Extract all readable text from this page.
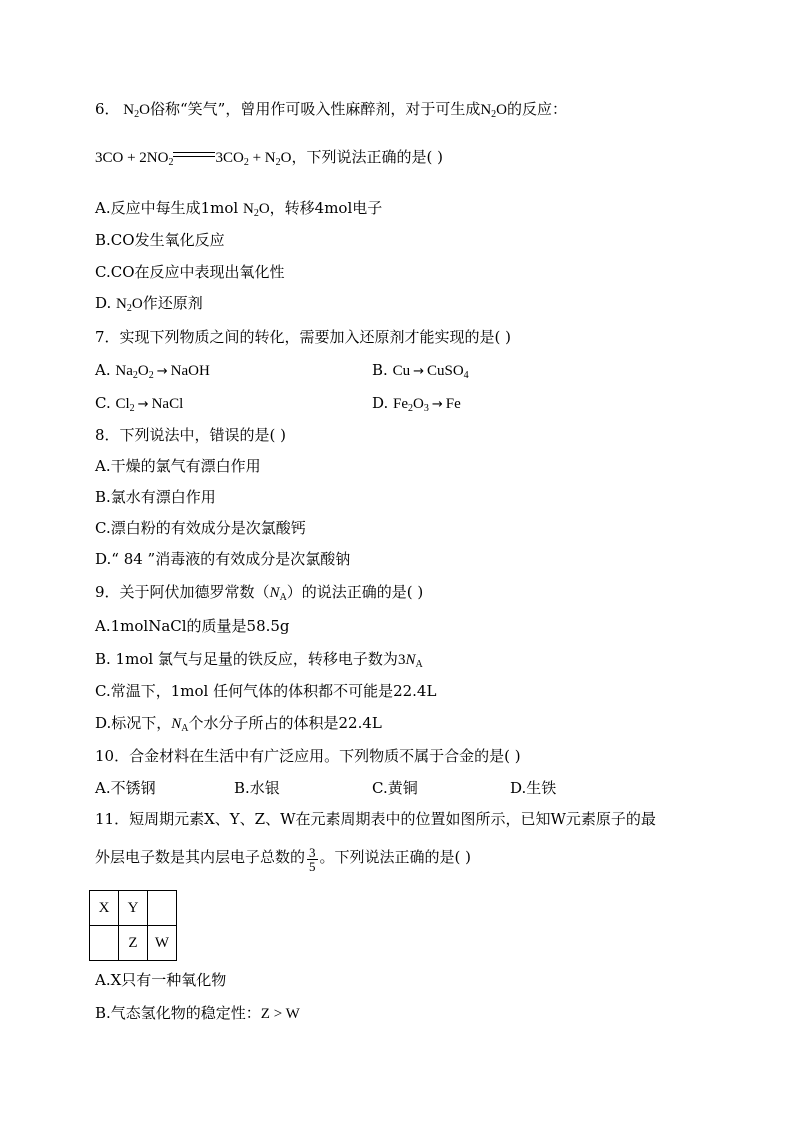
6． $N_2O$俗称“笑气”，曾用作可吸入性麻醉剂，对于可生成$N_2O$的反应：
$3CO + 2NO_2$	$3CO_2 + N_2O$，下列说法正确的是( )
A.反应中每生成1mol $N_2O$，转移4mol电子
B.CO发生氧化反应
C.CO在反应中表现出氧化性
D. $N_2O$作还原剂
7．实现下列物质之间的转化，需要加入还原剂才能实现的是( )
A. $Na_2O_2$ → NaOH	B. Cu → CuSO$_4$
C. $Cl_2$ → NaCl	D. $Fe_2O_3 \to Fe$
8．下列说法中，错误的是( )
A.干燥的氯气有漂白作用
B.氯水有漂白作用
C.漂白粉的有效成分是次氯酸钙
D.“ 84 ”消毒液的有效成分是次氯酸钠
9．关于阿伏加德罗常数$(N_A)$的说法正确的是( )
A.1molNaCl的质量是58.5g
B. 1mol 氯气与足量的铁反应，转移电子数为$3N_A$
C.常温下，1mol 任何气体的体积都不可能是22.4L
D.标况下，$N_A$个水分子所占的体积是22.4L
10．合金材料在生活中有广泛应用。下列物质不属于合金的是( )
A.不锈钢	B.水银	C.黄铜	D.生铁
11．短周期元素X、Y、Z、W在元素周期表中的位置如图所示，已知W元素原子的最
外层电子数是其内层电子总数的 $\frac{3}{5}$ 。下列说法正确的是( )
X	Y	
	Z	W
A.X只有一种氧化物
B.气态氢化物的稳定性：Z > W
